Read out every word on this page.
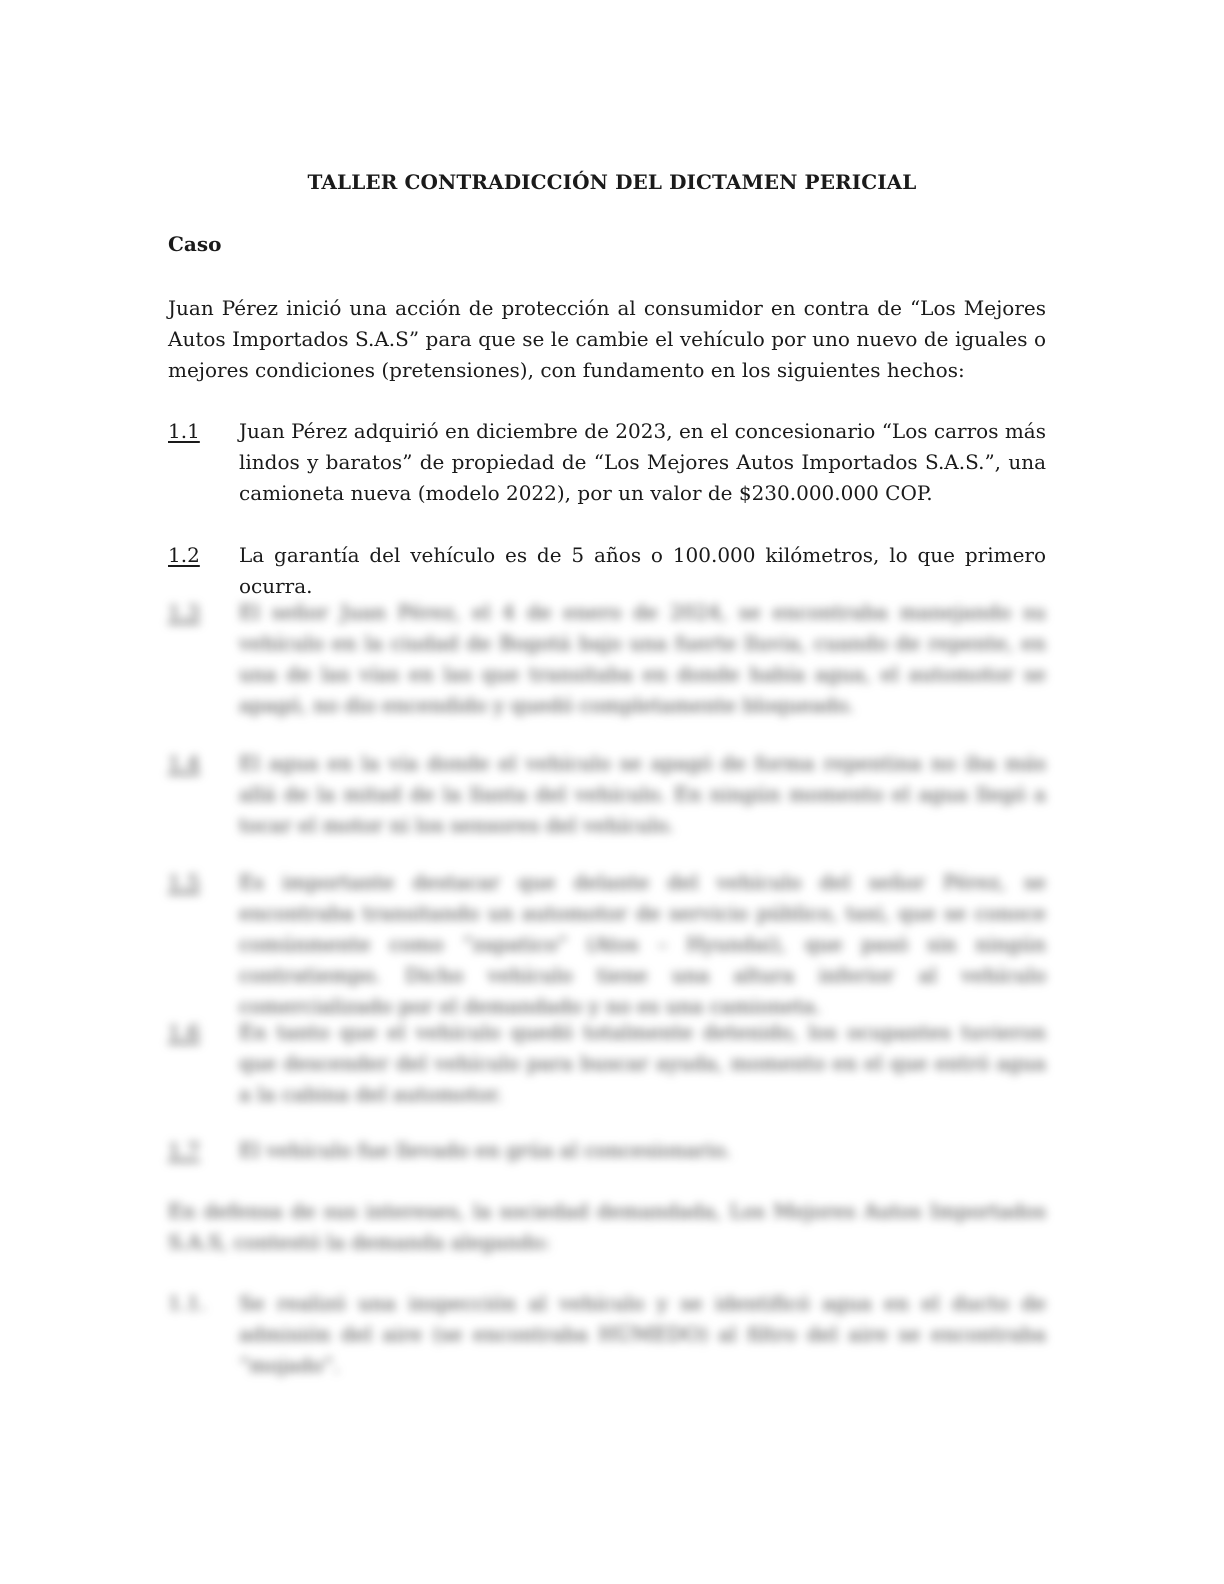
TALLER CONTRADICCIÓN DEL DICTAMEN PERICIAL
Caso

Juan Pérez inició una acción de protección al consumidor en contra de “Los Mejores Autos Importados S.A.S” para que se le cambie el vehículo por uno nuevo de iguales o mejores condiciones (pretensiones), con fundamento en los siguientes hechos:

1.1	Juan Pérez adquirió en diciembre de 2023, en el concesionario “Los carros más lindos y baratos” de propiedad de “Los Mejores Autos Importados S.A.S.”, una camioneta nueva (modelo 2022), por un valor de $230.000.000 COP.

1.2	La garantía del vehículo es de 5 años o 100.000 kilómetros, lo que primero ocurra.

1.3	El señor Juan Pérez, el 4 de enero de 2024, se encontraba manejando su vehículo en la ciudad de Bogotá bajo una fuerte lluvia, cuando de repente, en una de las vías en las que transitaba en donde había agua, el automotor se apagó, no dio encendido y quedó completamente bloqueado.

1.4	El agua en la vía donde el vehículo se apagó de forma repentina no iba más allá de la mitad de la llanta del vehículo. En ningún momento el agua llegó a tocar el motor ni los sensores del vehículo.

1.5	Es importante destacar que delante del vehículo del señor Pérez, se encontraba transitando un automotor de servicio público, taxi, que se conoce comúnmente como “zapatico” (Atos – Hyundai), que pasó sin ningún contratiempo. Dicho vehículo tiene una altura inferior al vehículo comercializado por el demandado y no es una camioneta.

1.6	En tanto que el vehículo quedó totalmente detenido, los ocupantes tuvieron que descender del vehículo para buscar ayuda, momento en el que entró agua a la cabina del automotor.

1.7	El vehículo fue llevado en grúa al concesionario.

En defensa de sus intereses, la sociedad demandada, Los Mejores Autos Importados S.A.S, contestó la demanda alegando:

1.1. Se realizó una inspección al vehículo y se identificó agua en el ducto de admisión del aire (se encontraba HÚMEDO) al filtro del aire se encontraba “mojado”.
